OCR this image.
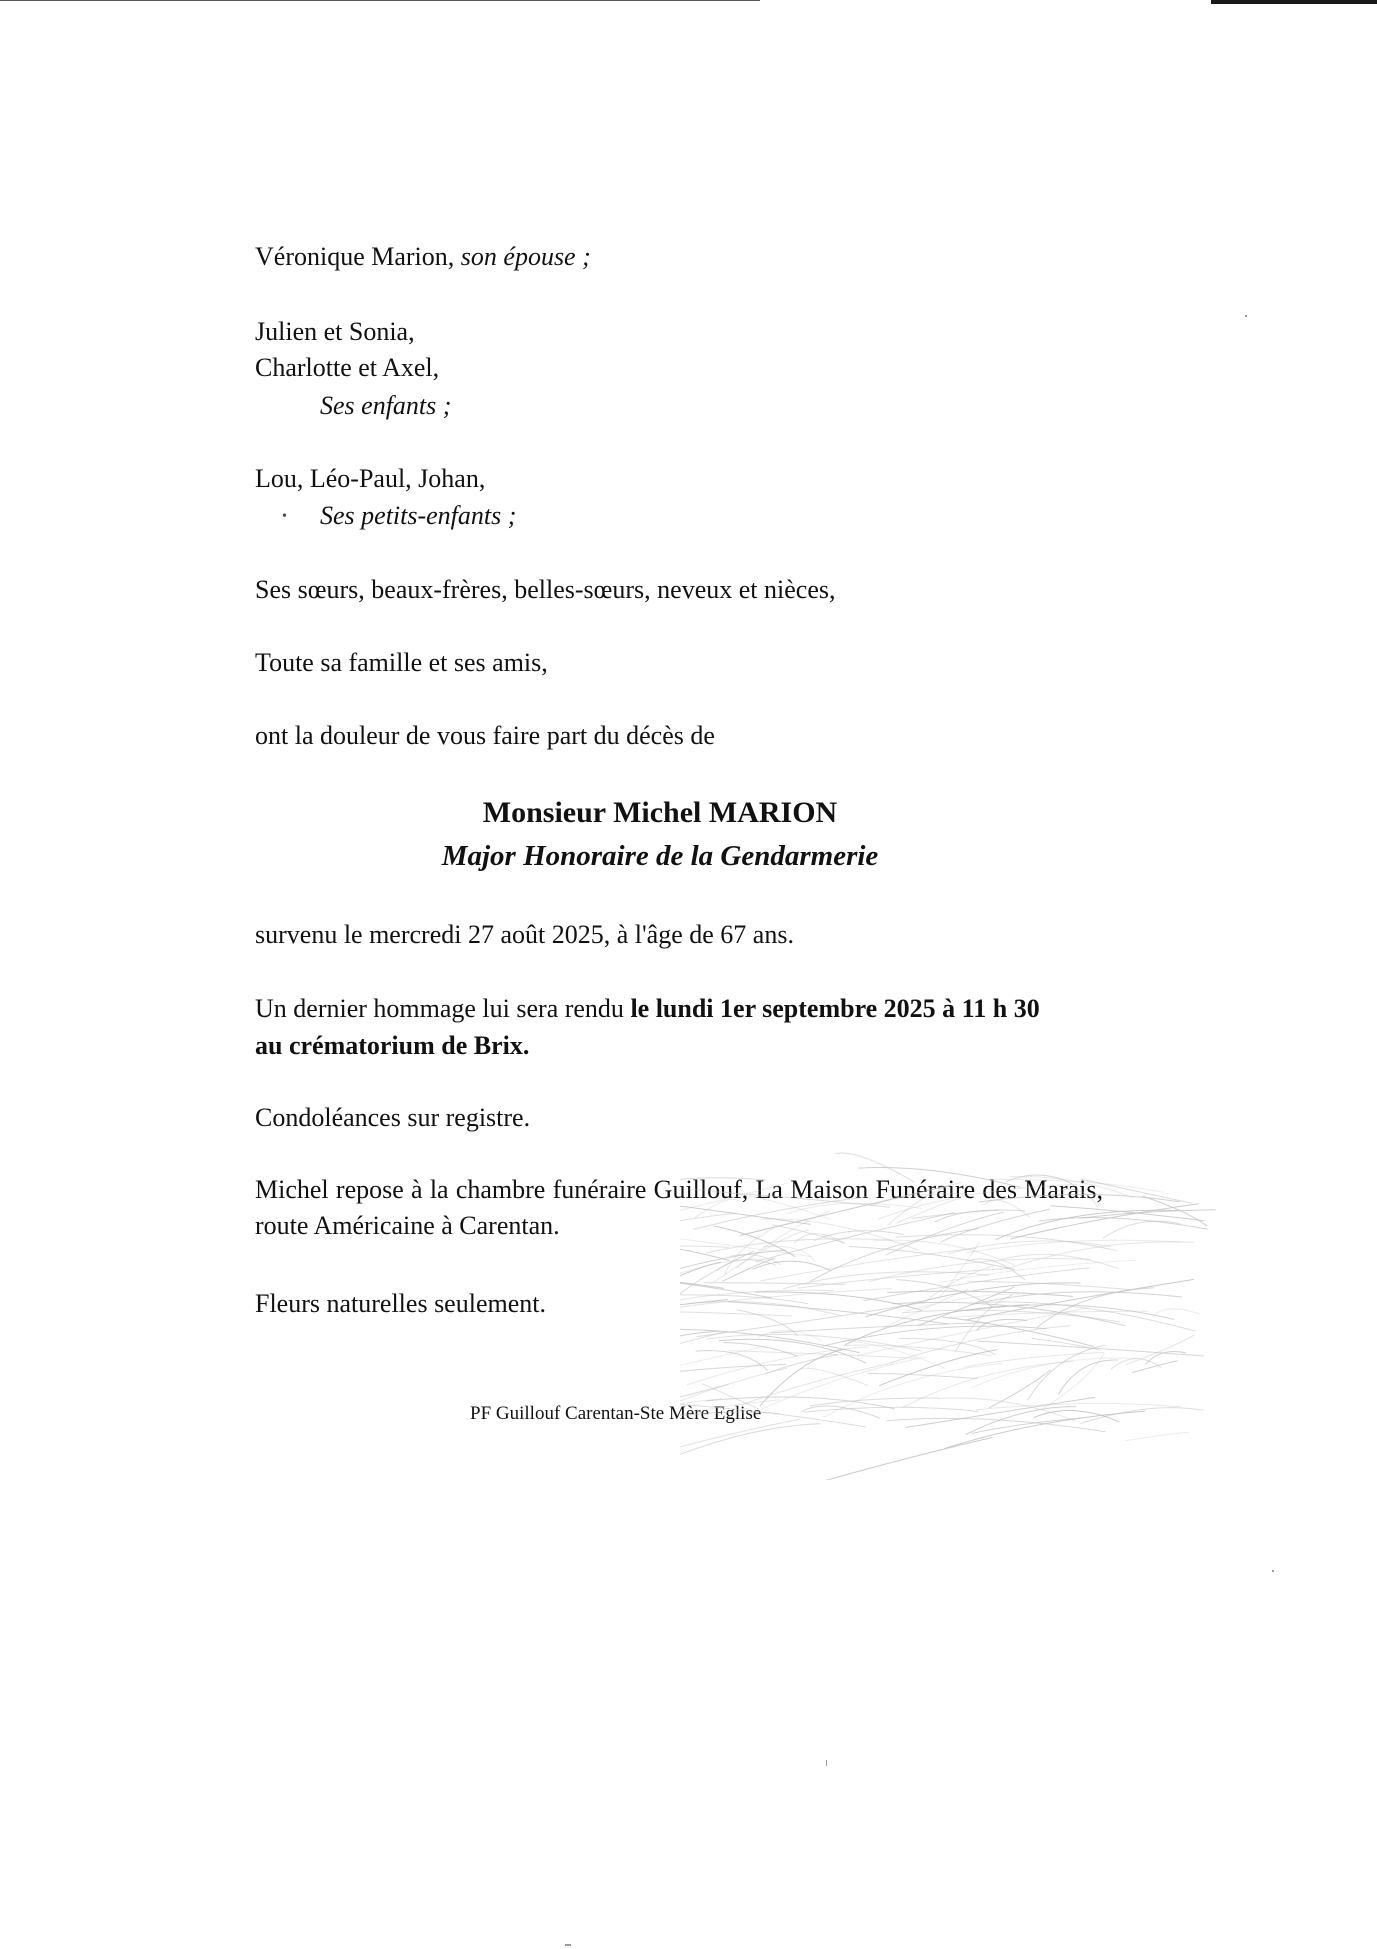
Véronique Marion, son épouse ;
Julien et Sonia,
Charlotte et Axel,
Ses enfants ;
Lou, Léo-Paul, Johan,
• Ses petits-enfants ;
Ses sœurs, beaux-frères, belles-sœurs, neveux et nièces,
Toute sa famille et ses amis,
ont la douleur de vous faire part du décès de
Monsieur Michel MARION
Major Honoraire de la Gendarmerie
survenu le mercredi 27 août 2025, à l'âge de 67 ans.
Un dernier hommage lui sera rendu le lundi 1er septembre 2025 à 11 h 30
au crématorium de Brix.
Condoléances sur registre.
Michel repose à la chambre funéraire Guillouf, La Maison Funéraire des Marais, route Américaine à Carentan.
Fleurs naturelles seulement.
PF Guillouf Carentan-Ste Mère Eglise
